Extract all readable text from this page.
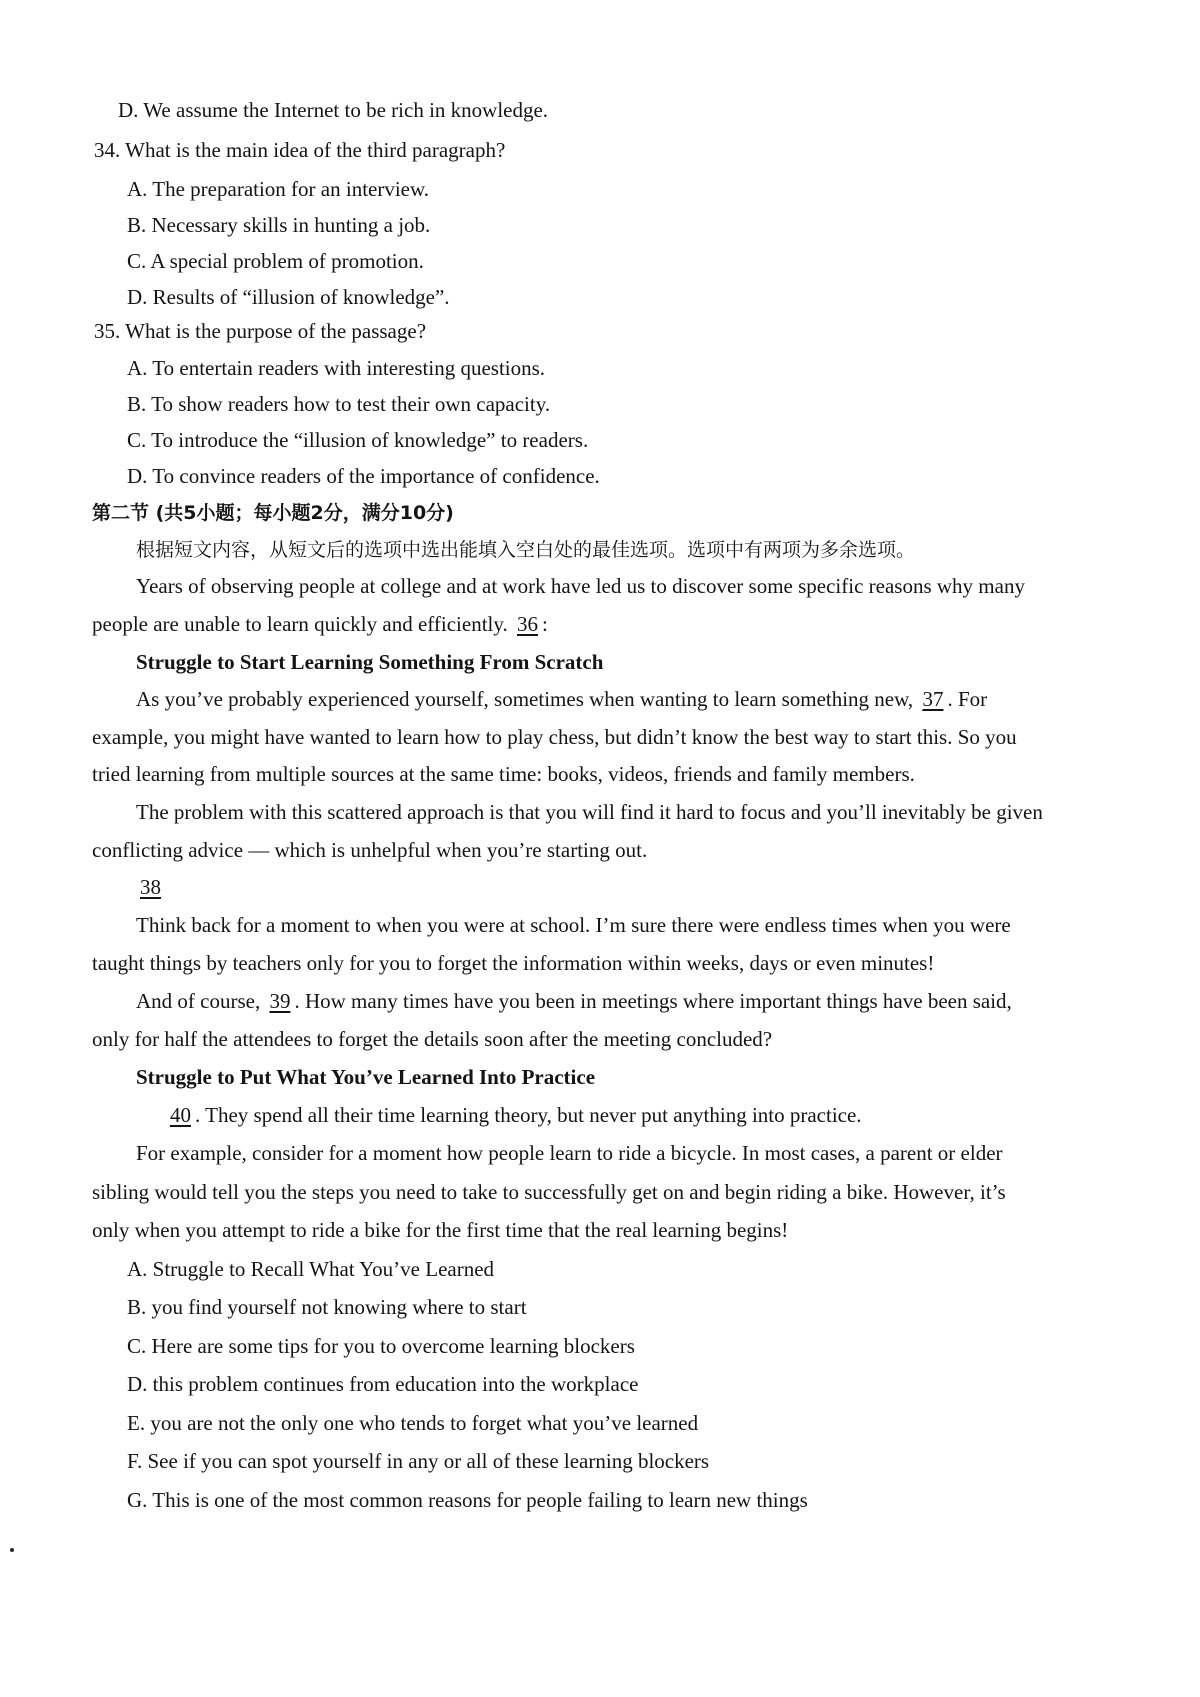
D. We assume the Internet to be rich in knowledge.
34. What is the main idea of the third paragraph?
A. The preparation for an interview.
B. Necessary skills in hunting a job.
C. A special problem of promotion.
D. Results of “illusion of knowledge”.
35. What is the purpose of the passage?
A. To entertain readers with interesting questions.
B. To show readers how to test their own capacity.
C. To introduce the “illusion of knowledge” to readers.
D. To convince readers of the importance of confidence.
第二节 (共5小题；每小题2分，满分10分)
根据短文内容，从短文后的选项中选出能填入空白处的最佳选项。选项中有两项为多余选项。
Years of observing people at college and at work have led us to discover some specific reasons why many
people are unable to learn quickly and efficiently. 36 :
Struggle to Start Learning Something From Scratch
As you’ve probably experienced yourself, sometimes when wanting to learn something new, 37 . For
example, you might have wanted to learn how to play chess, but didn’t know the best way to start this. So you
tried learning from multiple sources at the same time: books, videos, friends and family members.
The problem with this scattered approach is that you will find it hard to focus and you’ll inevitably be given
conflicting advice — which is unhelpful when you’re starting out.
38
Think back for a moment to when you were at school. I’m sure there were endless times when you were
taught things by teachers only for you to forget the information within weeks, days or even minutes!
And of course, 39 . How many times have you been in meetings where important things have been said,
only for half the attendees to forget the details soon after the meeting concluded?
Struggle to Put What You’ve Learned Into Practice
40 . They spend all their time learning theory, but never put anything into practice.
For example, consider for a moment how people learn to ride a bicycle. In most cases, a parent or elder
sibling would tell you the steps you need to take to successfully get on and begin riding a bike. However, it’s
only when you attempt to ride a bike for the first time that the real learning begins!
A. Struggle to Recall What You’ve Learned
B. you find yourself not knowing where to start
C. Here are some tips for you to overcome learning blockers
D. this problem continues from education into the workplace
E. you are not the only one who tends to forget what you’ve learned
F. See if you can spot yourself in any or all of these learning blockers
G. This is one of the most common reasons for people failing to learn new things
